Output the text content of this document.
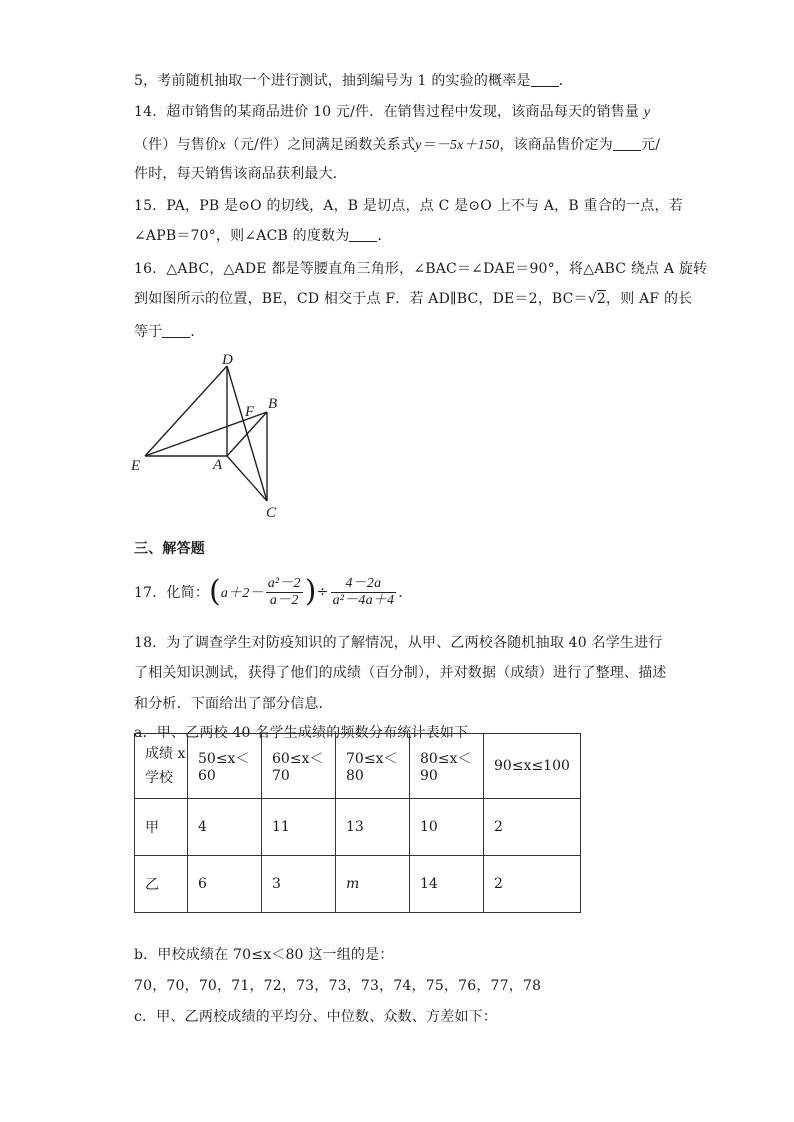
5，考前随机抽取一个进行测试，抽到编号为 1 的实验的概率是 ．
14．超市销售的某商品进价 10 元/件．在销售过程中发现，该商品每天的销售量 y
（件）与售价x（元/件）之间满足函数关系式y＝－5x＋150，该商品售价定为 元/
件时，每天销售该商品获利最大．
15．PA，PB 是⊙O 的切线，A，B 是切点，点 C 是⊙O 上不与 A，B 重合的一点，若
∠APB＝70°，则∠ACB 的度数为 ．
16．△ABC，△ADE 都是等腰直角三角形，∠BAC＝∠DAE＝90°，将△ABC 绕点 A 旋转
到如图所示的位置，BE，CD 相交于点 F．若 AD∥BC，DE＝2，BC＝√2，则 AF 的长
等于 ．
D
B
F
E	A
C
三、解答题
17．化简： ( $a+2- \frac{\text{a²－2}}{a-2}$ ) ÷ $\frac{4-2a}{\text{a²－4a＋4}}$ ．
18．为了调查学生对防疫知识的了解情况，从甲、乙两校各随机抽取 40 名学生进行
了相关知识测试，获得了他们的成绩（百分制），并对数据（成绩）进行了整理、描述
和分析．下面给出了部分信息．
a．甲、乙两校 40 名学生成绩的频数分布统计表如下
成绩 x
学校	50≤x＜60	60≤x＜70	70≤x＜80	80≤x＜90	90≤x≤100
甲	4	11	13	10	2
乙	6	3	m	14	2
b．甲校成绩在 70≤x＜80 这一组的是：
70，70，70，71，72，73，73，73，74，75，76，77，78
c．甲、乙两校成绩的平均分、中位数、众数、方差如下：
